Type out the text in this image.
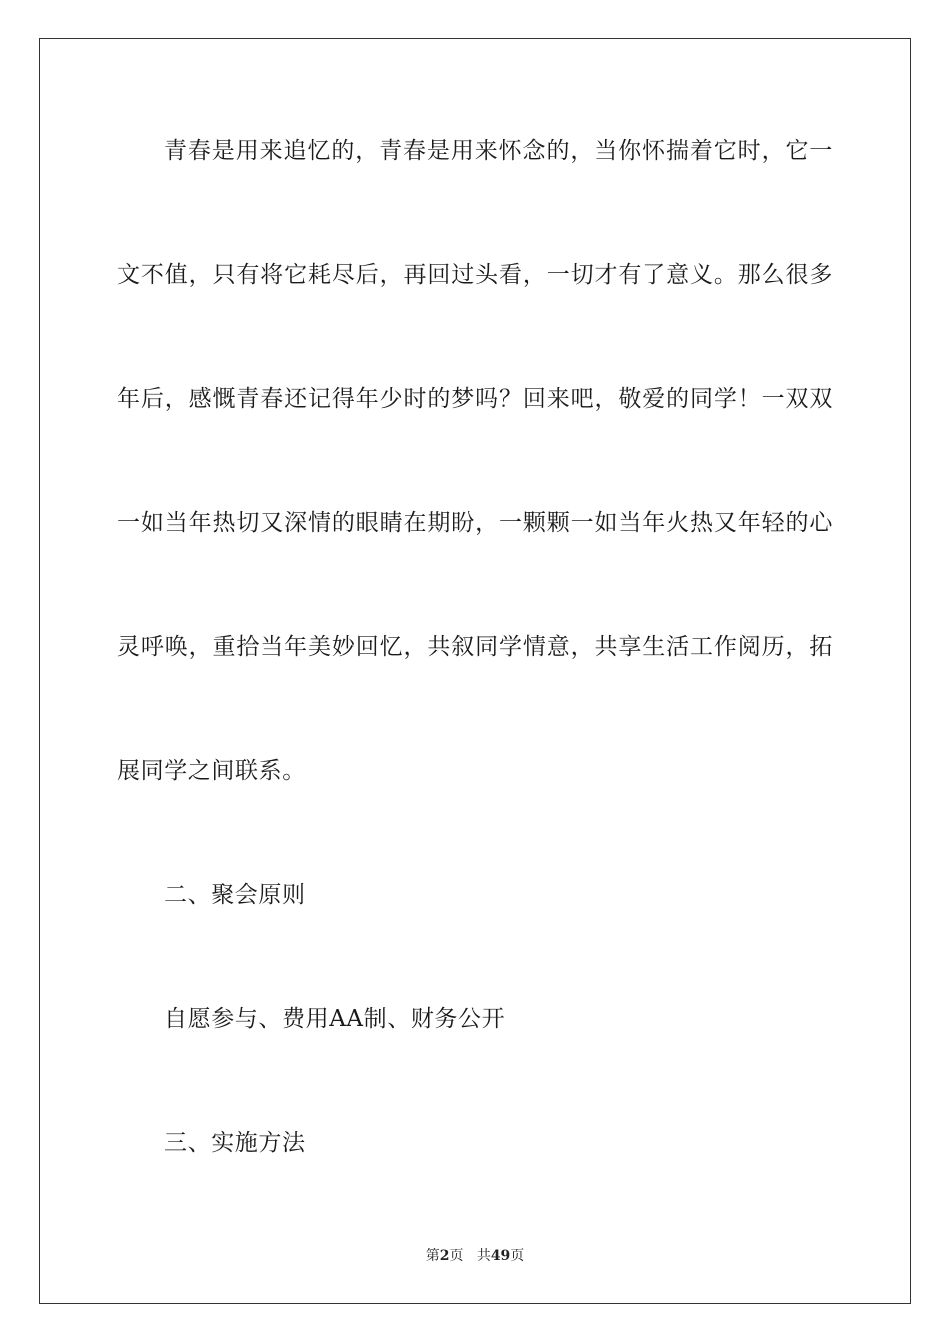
青春是用来追忆的，青春是用来怀念的，当你怀揣着它时，它一
文不值，只有将它耗尽后，再回过头看，一切才有了意义。那么很多
年后，感慨青春还记得年少时的梦吗？回来吧，敬爱的同学！一双双
一如当年热切又深情的眼睛在期盼，一颗颗一如当年火热又年轻的心
灵呼唤，重拾当年美妙回忆，共叙同学情意，共享生活工作阅历，拓
展同学之间联系。
二、聚会原则
自愿参与、费用AA制、财务公开
三、实施方法
第2页 共49页
